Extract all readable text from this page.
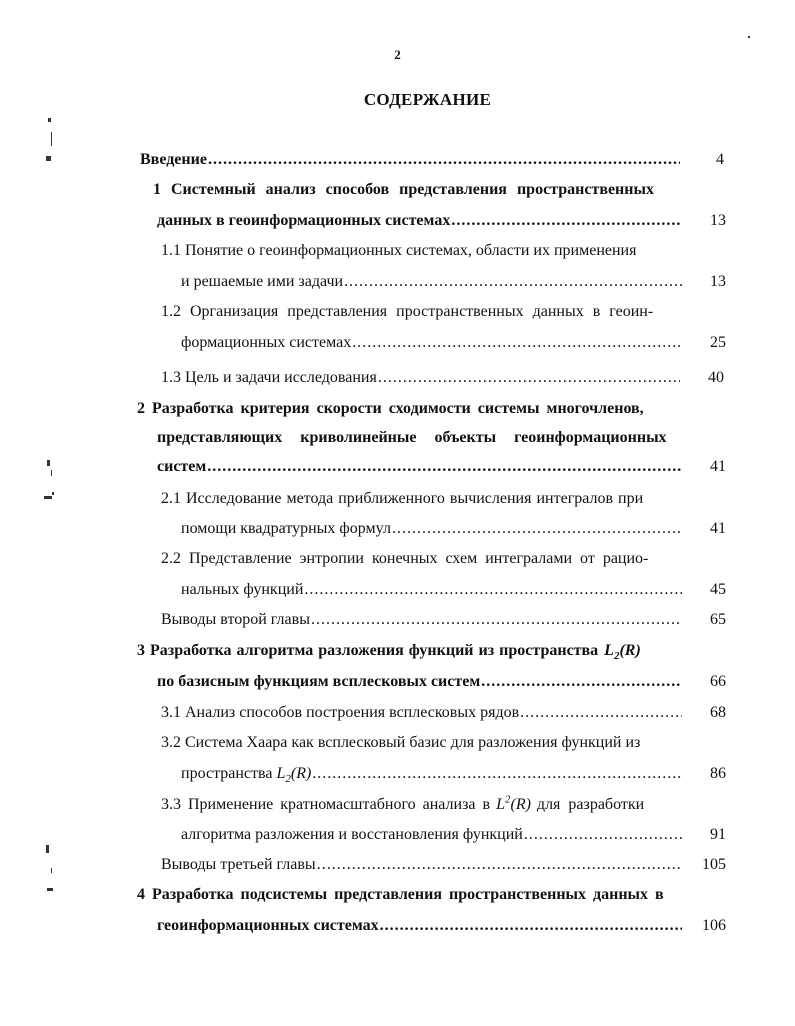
2
СОДЕРЖАНИЕ
Введение .....	4
1 Системный анализ способов представления пространственных
данных в геоинформационных системах .....	13
1.1 Понятие о геоинформационных системах, области их применения
и решаемые ими задачи .....	13
1.2 Организация представления пространственных данных в геоин-
формационных системах .....	25
1.3 Цель и задачи исследования .....	40
2 Разработка критерия скорости сходимости системы многочленов,
представляющих криволинейные объекты геоинформационных
систем .....	41
2.1 Исследование метода приближенного вычисления интегралов при
помощи квадратурных формул .....	41
2.2 Представление энтропии конечных схем интегралами от рацио-
нальных функций .....	45
Выводы второй главы .....	65
3 Разработка алгоритма разложения функций из пространства $L_2(R)$
по базисным функциям всплесковых систем .....	66
3.1 Анализ способов построения всплесковых рядов .....	68
3.2 Система Хаара как всплесковый базис для разложения функций из
пространства $L_2(R)$ .....	86
3.3 Применение кратномасштабного анализа в $L^2(R)$ для разработки
алгоритма разложения и восстановления функций .....	91
Выводы третьей главы .....	105
4 Разработка подсистемы представления пространственных данных в
геоинформационных системах .....	106
